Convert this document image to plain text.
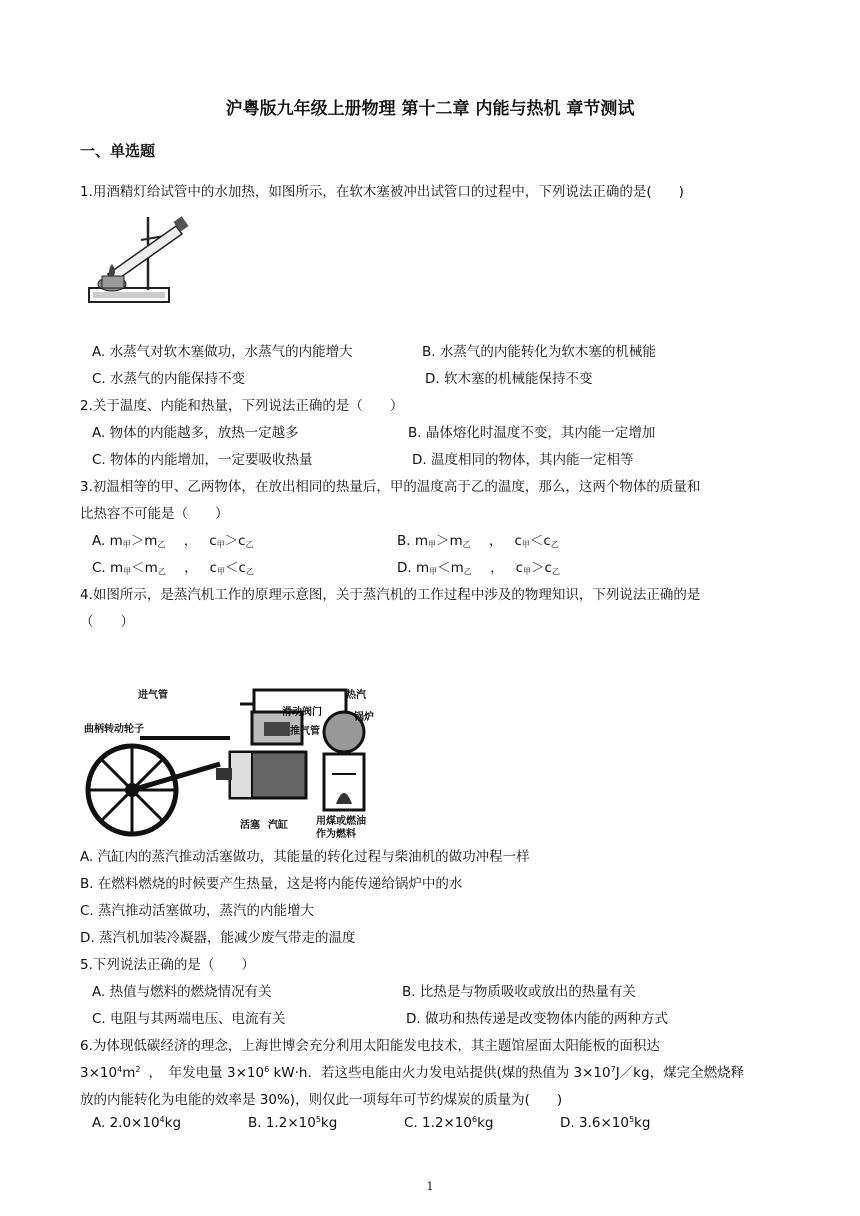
沪粤版九年级上册物理 第十二章 内能与热机 章节测试
一、单选题
1.用酒精灯给试管中的水加热，如图所示，在软木塞被冲出试管口的过程中，下列说法正确的是(　　)
A. 水蒸气对软木塞做功，水蒸气的内能增大	B. 水蒸气的内能转化为软木塞的机械能
C. 水蒸气的内能保持不变	D. 软木塞的机械能保持不变
2.关于温度、内能和热量，下列说法正确的是（　　）
A. 物体的内能越多，放热一定越多	B. 晶体熔化时温度不变，其内能一定增加
C. 物体的内能增加，一定要吸收热量	D. 温度相同的物体，其内能一定相等
3.初温相等的甲、乙两物体，在放出相同的热量后，甲的温度高于乙的温度，那么，这两个物体的质量和
比热容不可能是（　　）
A. $m_甲>m_乙$ ， $c_甲>c_乙$	B. $m_甲>m_乙$ ， $c_甲<c_乙$
C. $m_甲<m_乙$ ， $c_甲<c_乙$	D. $m_甲<m_乙$ ， $c_甲>c_乙$
4.如图所示，是蒸汽机工作的原理示意图，关于蒸汽机的工作过程中涉及的物理知识，下列说法正确的是
（　　）
进气管	热汽
滑动阀门	锅炉
推气管
曲柄转动轮子
活塞 汽缸	用煤或燃油
作为燃料
A. 汽缸内的蒸汽推动活塞做功，其能量的转化过程与柴油机的做功冲程一样
B. 在燃料燃烧的时候要产生热量，这是将内能传递给锅炉中的水
C. 蒸汽推动活塞做功，蒸汽的内能增大
D. 蒸汽机加装冷凝器，能减少废气带走的温度
5.下列说法正确的是（　　）
A. 热值与燃料的燃烧情况有关	B. 比热是与物质吸收或放出的热量有关
C. 电阻与其两端电压、电流有关	D. 做功和热传递是改变物体内能的两种方式
6.为体现低碳经济的理念，上海世博会充分利用太阳能发电技术，其主题馆屋面太阳能板的面积达
$3\times 10^4m^2$ ，　年发电量 $3\times 10^6$ kW·h．若这些电能由火力发电站提供(煤的热值为 $3\times 10^7J/kg$，煤完全燃烧释
放的内能转化为电能的效率是 30%)，则仅此一项每年可节约煤炭的质量为(　　)
A. $2.0\times 10^4kg$	B. $1.2\times 10^5kg$	C. $1.2\times 10^6kg$	D. $3.6\times 10^5kg$
1
